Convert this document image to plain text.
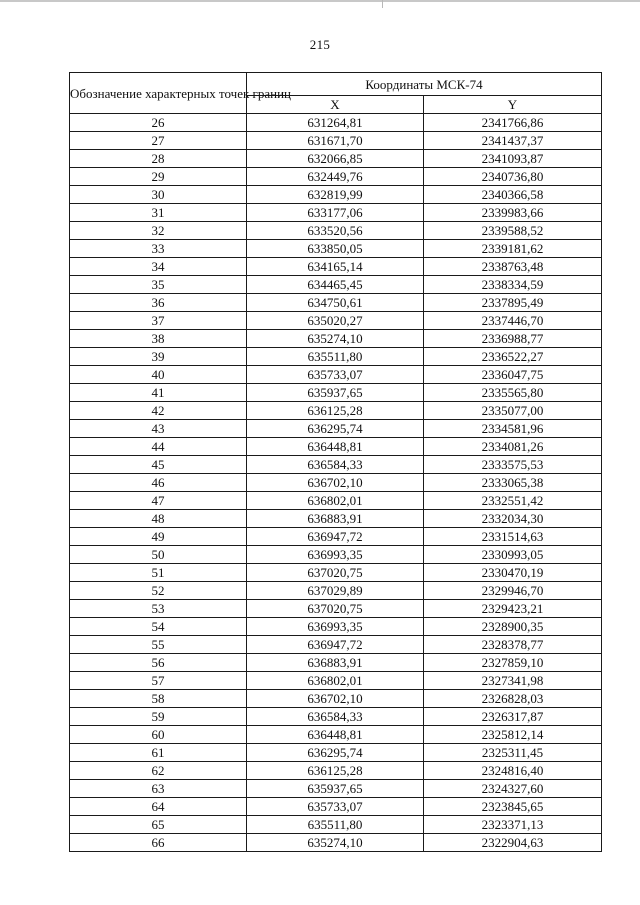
215
Обозначение характерных точек границ	Координаты МСК-74	
	X	Y
26	631264,81	2341766,86
27	631671,70	2341437,37
28	632066,85	2341093,87
29	632449,76	2340736,80
30	632819,99	2340366,58
31	633177,06	2339983,66
32	633520,56	2339588,52
33	633850,05	2339181,62
34	634165,14	2338763,48
35	634465,45	2338334,59
36	634750,61	2337895,49
37	635020,27	2337446,70
38	635274,10	2336988,77
39	635511,80	2336522,27
40	635733,07	2336047,75
41	635937,65	2335565,80
42	636125,28	2335077,00
43	636295,74	2334581,96
44	636448,81	2334081,26
45	636584,33	2333575,53
46	636702,10	2333065,38
47	636802,01	2332551,42
48	636883,91	2332034,30
49	636947,72	2331514,63
50	636993,35	2330993,05
51	637020,75	2330470,19
52	637029,89	2329946,70
53	637020,75	2329423,21
54	636993,35	2328900,35
55	636947,72	2328378,77
56	636883,91	2327859,10
57	636802,01	2327341,98
58	636702,10	2326828,03
59	636584,33	2326317,87
60	636448,81	2325812,14
61	636295,74	2325311,45
62	636125,28	2324816,40
63	635937,65	2324327,60
64	635733,07	2323845,65
65	635511,80	2323371,13
66	635274,10	2322904,63
